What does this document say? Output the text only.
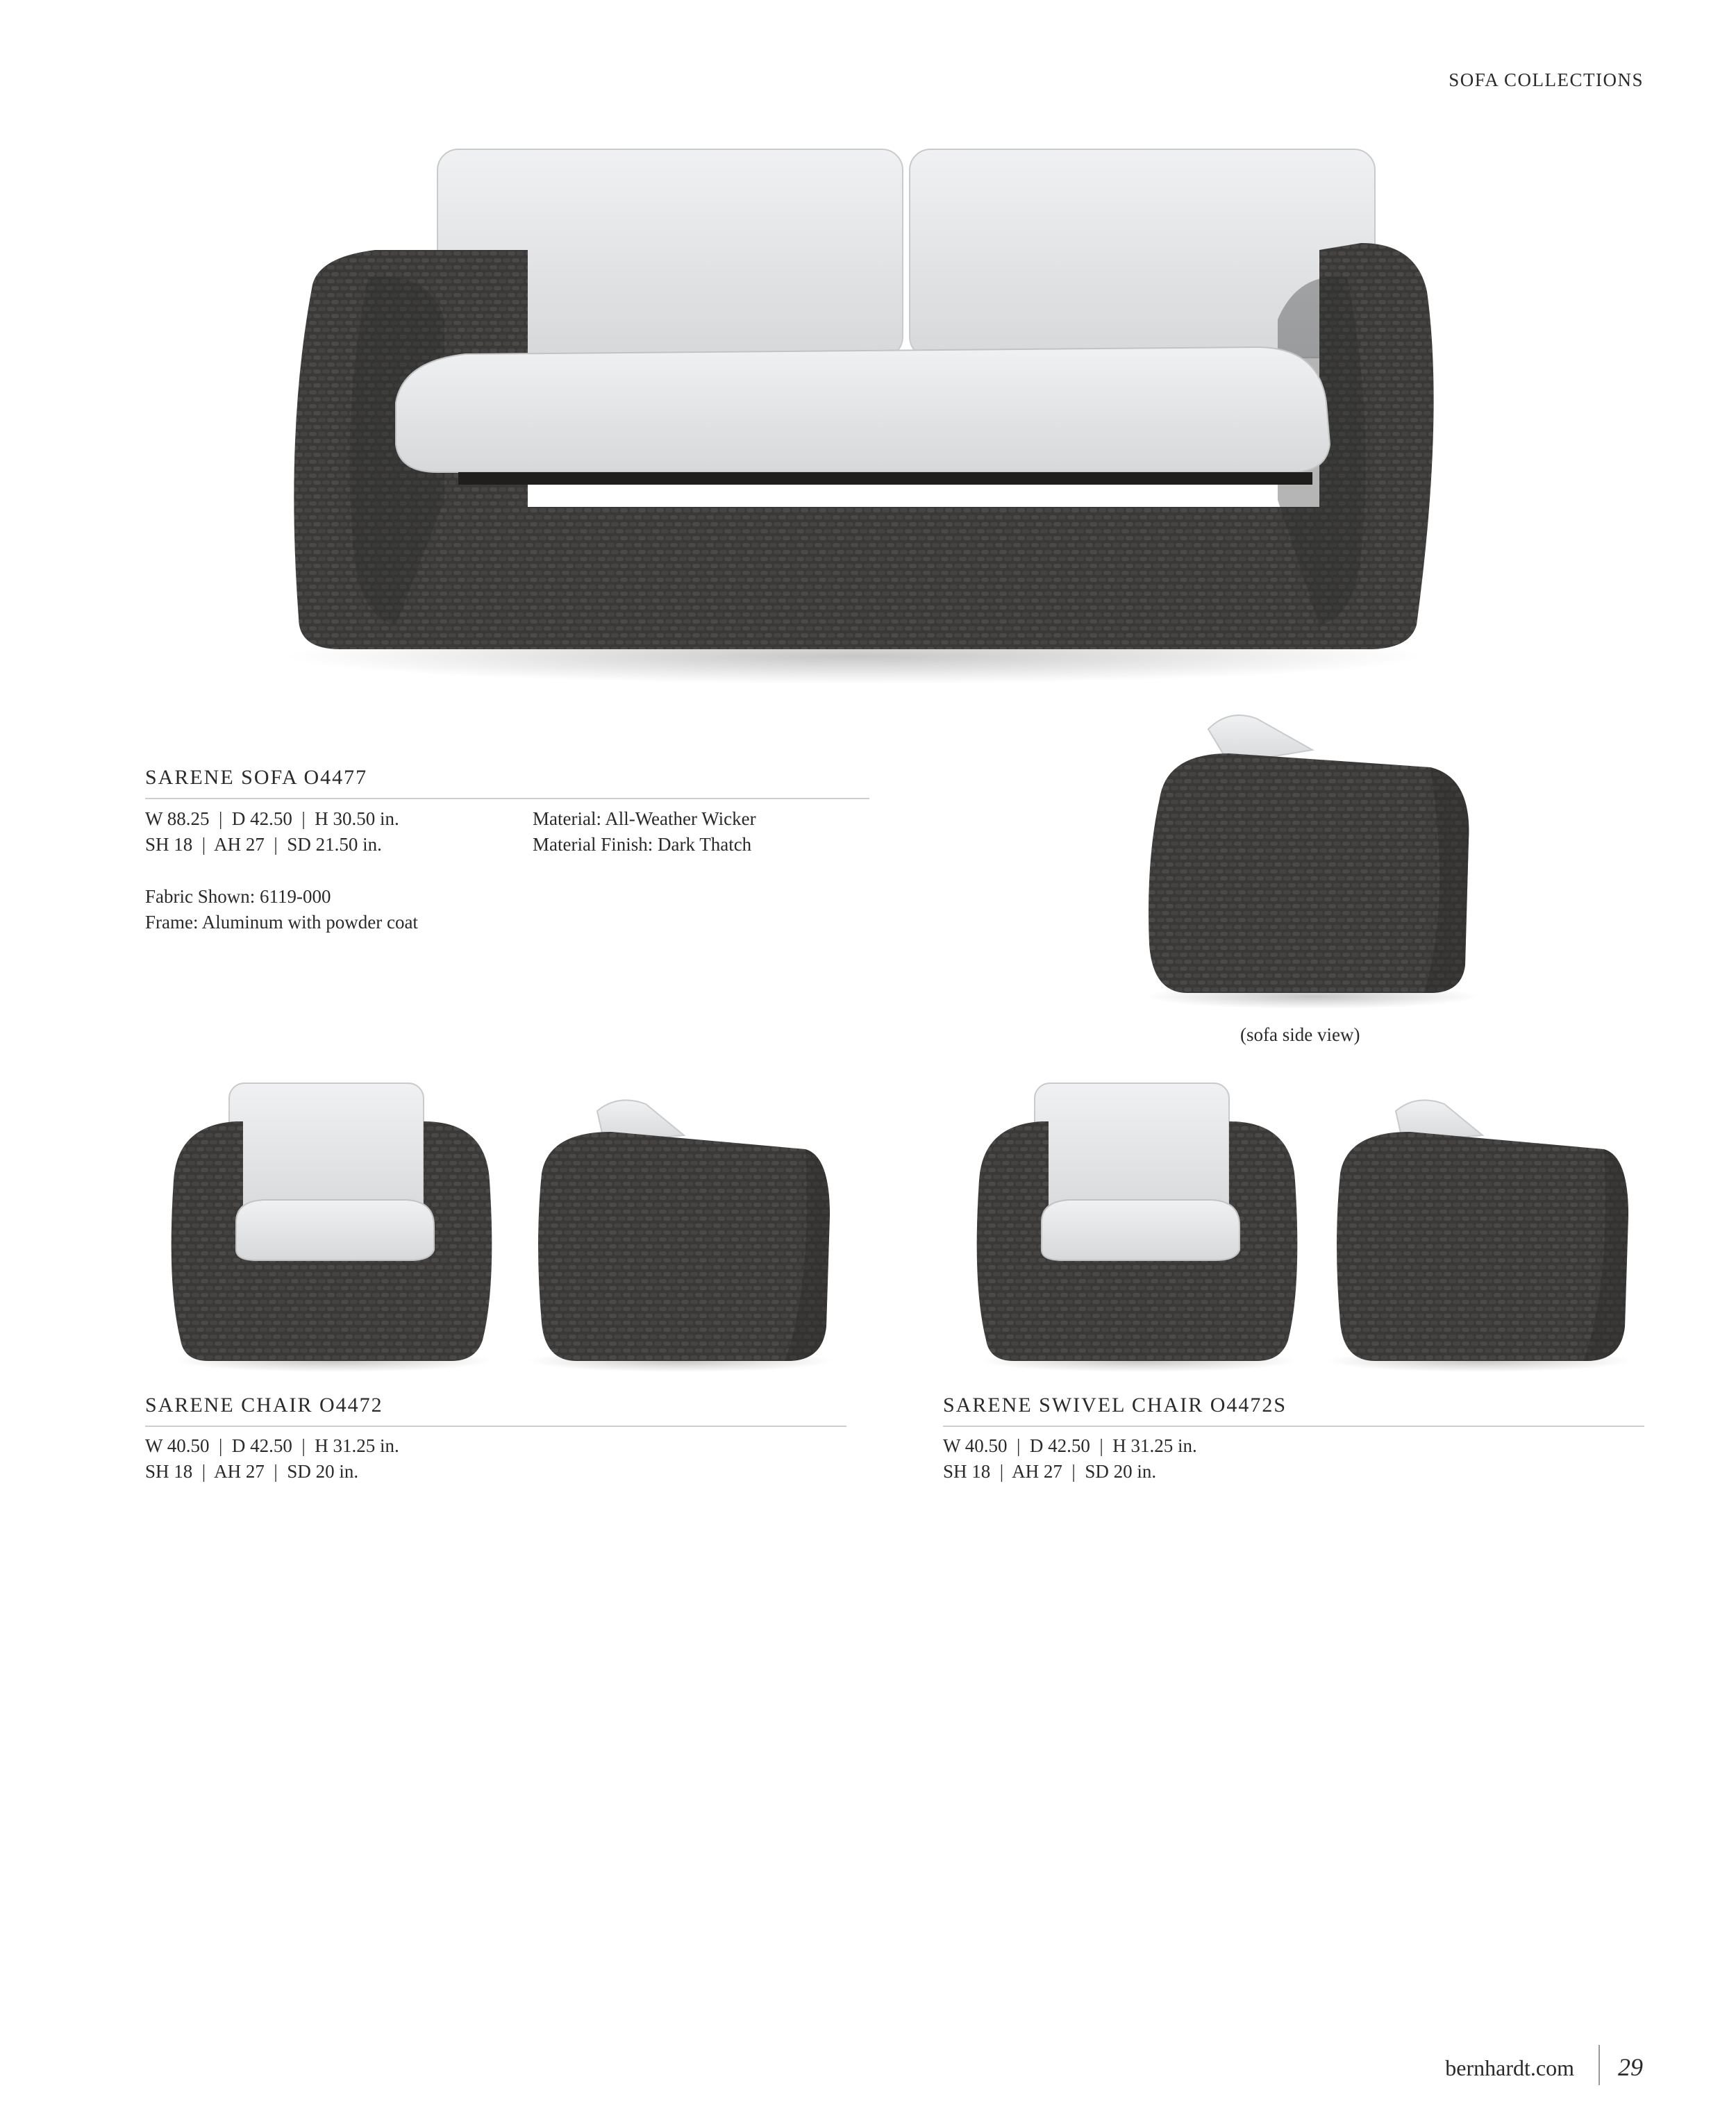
SOFA COLLECTIONS
SARENE SOFA O4477
W 88.25  |  D 42.50  |  H 30.50 in.
SH 18  |  AH 27  |  SD 21.50 in.
Material: All-Weather Wicker
Material Finish: Dark Thatch
Fabric Shown: 6119-000
Frame: Aluminum with powder coat
(sofa side view)
SARENE CHAIR O4472
W 40.50  |  D 42.50  |  H 31.25 in.
SH 18  |  AH 27  |  SD 20 in.
SARENE SWIVEL CHAIR O4472S
W 40.50  |  D 42.50  |  H 31.25 in.
SH 18  |  AH 27  |  SD 20 in.
bernhardt.com 29
